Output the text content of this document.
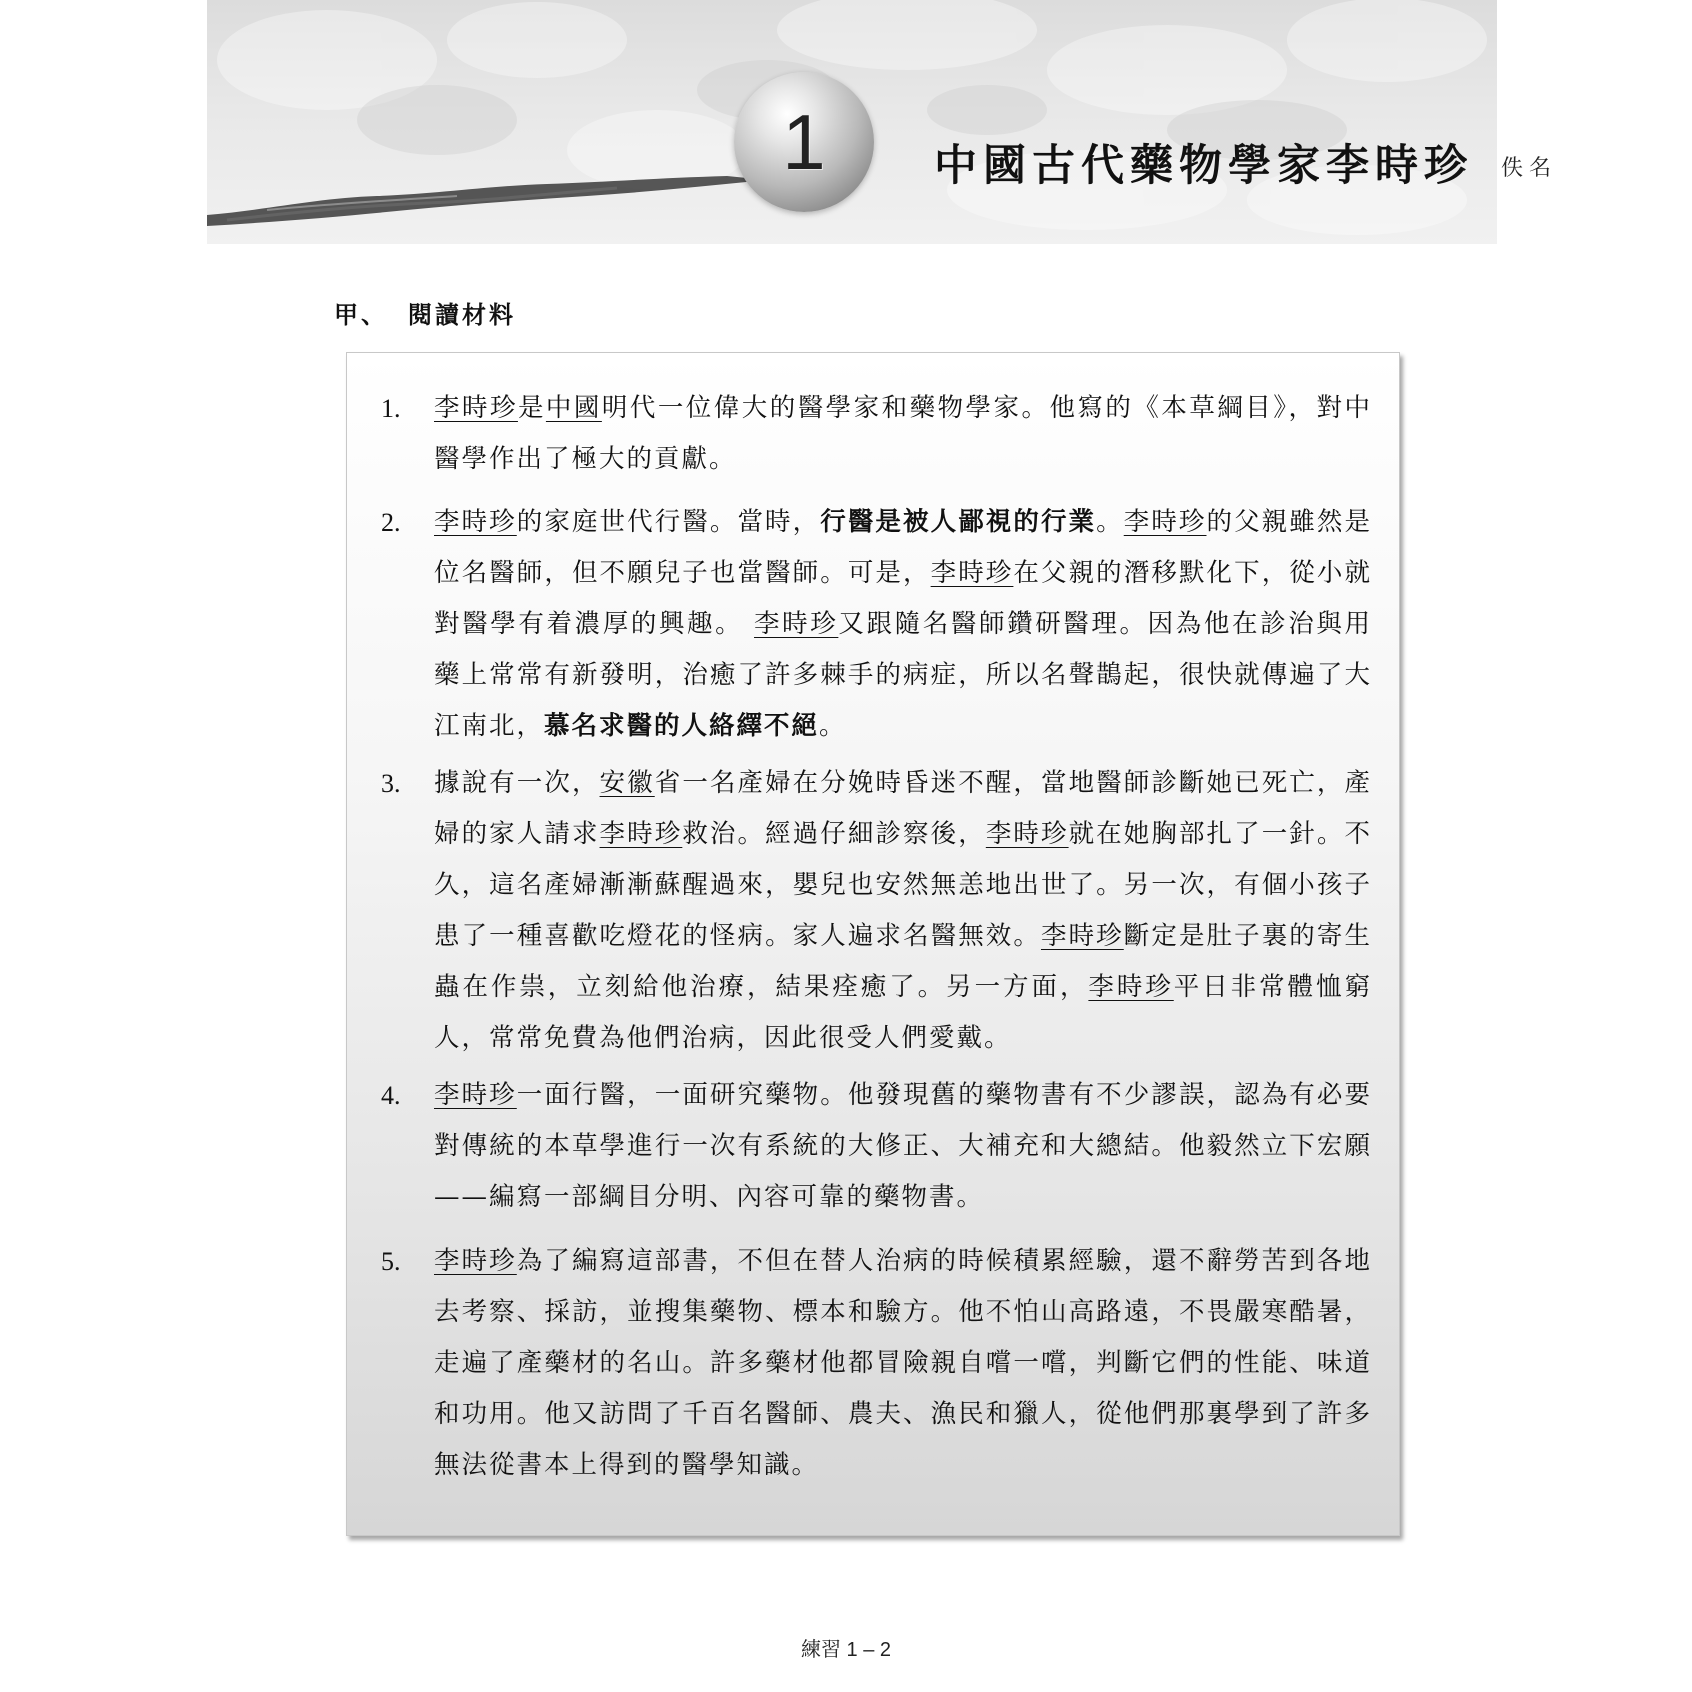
1	中國古代藥物學家李時珍 佚名
甲、 閱讀材料
1. 李時珍是中國明代一位偉大的醫學家和藥物學家。他寫的《本草綱目》，對中醫學作出了極大的貢獻。
2. 李時珍的家庭世代行醫。當時，行醫是被人鄙視的行業。李時珍的父親雖然是位名醫師，但不願兒子也當醫師。可是，李時珍在父親的潛移默化下，從小就對醫學有着濃厚的興趣。 李時珍又跟隨名醫師鑽研醫理。因為他在診治與用藥上常常有新發明，治癒了許多棘手的病症，所以名聲鵲起，很快就傳遍了大江南北，慕名求醫的人絡繹不絕。
3. 據說有一次，安徽省一名產婦在分娩時昏迷不醒，當地醫師診斷她已死亡，產婦的家人請求李時珍救治。經過仔細診察後，李時珍就在她胸部扎了一針。不久，這名產婦漸漸蘇醒過來，嬰兒也安然無恙地出世了。另一次，有個小孩子患了一種喜歡吃燈花的怪病。家人遍求名醫無效。李時珍斷定是肚子裏的寄生蟲在作祟，立刻給他治療，結果痊癒了。另一方面，李時珍平日非常體恤窮人，常常免費為他們治病，因此很受人們愛戴。
4. 李時珍一面行醫，一面研究藥物。他發現舊的藥物書有不少謬誤，認為有必要對傳統的本草學進行一次有系統的大修正、大補充和大總結。他毅然立下宏願——編寫一部綱目分明、內容可靠的藥物書。
5. 李時珍為了編寫這部書，不但在替人治病的時候積累經驗，還不辭勞苦到各地去考察、採訪，並搜集藥物、標本和驗方。他不怕山高路遠，不畏嚴寒酷暑，走遍了產藥材的名山。許多藥材他都冒險親自嚐一嚐，判斷它們的性能、味道和功用。他又訪問了千百名醫師、農夫、漁民和獵人，從他們那裏學到了許多無法從書本上得到的醫學知識。
練習 1 – 2
